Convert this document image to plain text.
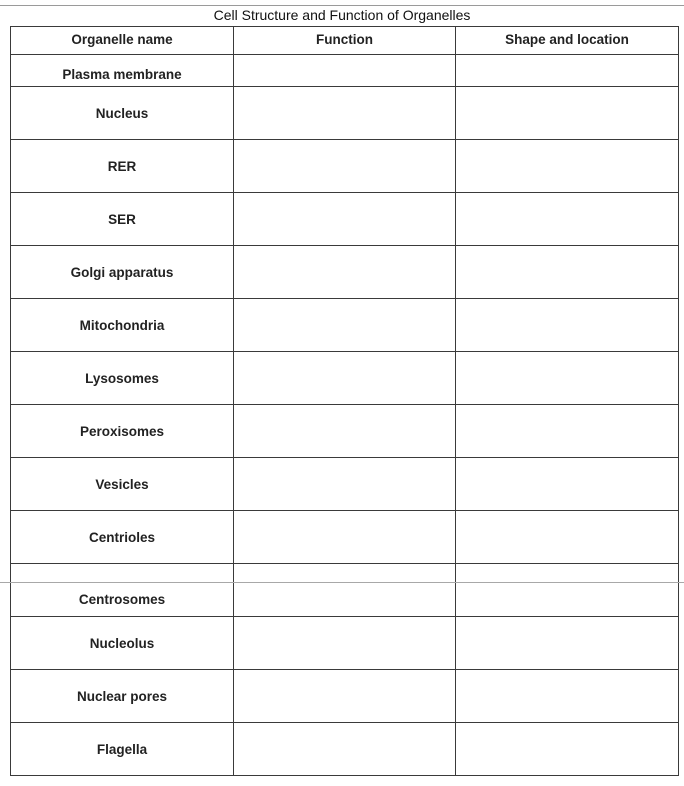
Cell Structure and Function of Organelles
Organelle name	Function	Shape and location
Plasma membrane		
Nucleus		
RER		
SER		
Golgi apparatus		
Mitochondria		
Lysosomes		
Peroxisomes		
Vesicles		
Centrioles		
Centrosomes		
Nucleolus		
Nuclear pores		
Flagella		
